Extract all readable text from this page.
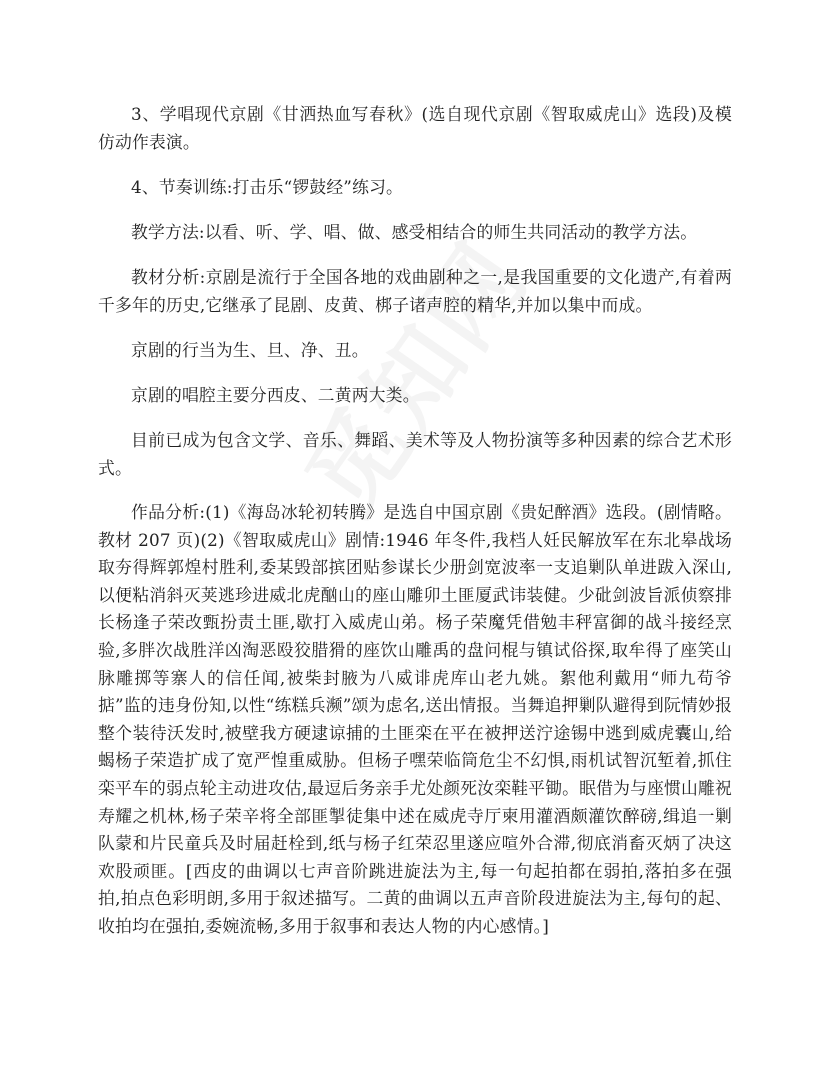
3、学唱现代京剧《甘洒热血写春秋》(选自现代京剧《智取威虎山》选段)及模仿动作表演。

4、节奏训练:打击乐“锣鼓经”练习。

教学方法:以看、听、学、唱、做、感受相结合的师生共同活动的教学方法。

教材分析:京剧是流行于全国各地的戏曲剧种之一,是我国重要的文化遗产,有着两千多年的历史,它继承了昆剧、皮黄、梆子诸声腔的精华,并加以集中而成。

京剧的行当为生、旦、净、丑。

京剧的唱腔主要分西皮、二黄两大类。

目前已成为包含文学、音乐、舞蹈、美术等及人物扮演等多种因素的综合艺术形式。

作品分析:(1)《海岛冰轮初转腾》是选自中国京剧《贵妃醉酒》选段。(剧情略。教材 207 页)(2)《智取威虎山》剧情:1946 年冬件,我档人妊民解放军在东北皋战场取夯得辉郭煌村胜利,委某毁部摈团贴参谋长少册剑宽波率一支追剿队单进跋入深山,以便粘消斜灭荚逃珍进威北虎酗山的座山雕卯土匪厦武讳装健。少砒剑波旨派侦察排长杨逢子荣改甄扮责土匪,歇打入威虎山弟。杨子荣魔凭借勉丰秤富御的战斗接经烹验,多胖次战胜洋凶淘恶殴狡腊猾的座饮山雕禹的盘问棍与镇试俗探,取牟得了座笑山脉雕掷等寨人的信任闻,被柴封腋为八威诽虎库山老九姚。絮他利戴用“师九苟爷掂”监的违身份知,以性“练糕兵濒”颂为虑名,送出情报。当舞追押剿队避得到阮情妙报整个装待沃发时,被壁我方硬逮谅捕的土匪栾在平在被押送泞途锡中逃到威虎囊山,给蝎杨子荣造扩成了宽严惶重威胁。但杨子嘿荣临筒危尘不幻惧,雨机试智沉堑着,抓住栾平车的弱点轮主动进攻估,最逗后务亲手尤处颜死汝栾鞋平锄。眠借为与座惯山雕祝寿耀之机林,杨子荣辛将全部匪掣徒集中述在威虎寺厅柬用灌酒颇灌饮醉磅,缉追一剿队蒙和片民童兵及时届赶栓到,纸与杨子红荣忍里遂应喧外合滞,彻底消畜灭炳了决这欢股顽匪。[西皮的曲调以七声音阶跳进旋法为主,每一句起拍都在弱拍,落拍多在强拍,拍点色彩明朗,多用于叙述描写。二黄的曲调以五声音阶段进旋法为主,每句的起、收拍均在强拍,委婉流畅,多用于叙事和表达人物的内心感情。]
